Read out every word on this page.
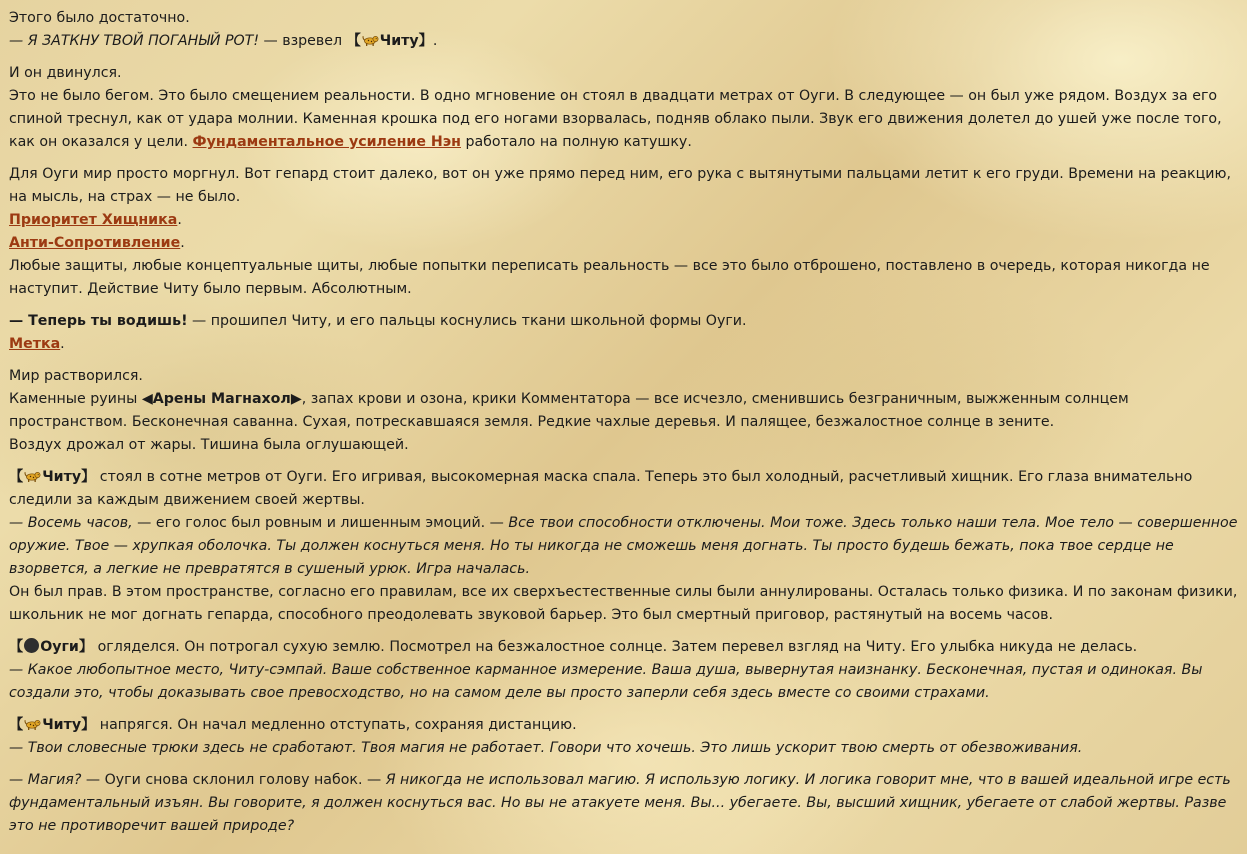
Этого было достаточно.

— Я ЗАТКНУ ТВОЙ ПОГАНЫЙ РОТ! — взревел 【 Читу】.

И он двинулся.

Это не было бегом. Это было смещением реальности. В одно мгновение он стоял в двадцати метрах от Оуги. В следующее — он был уже рядом. Воздух за его спиной треснул, как от удара молнии. Каменная крошка под его ногами взорвалась, подняв облако пыли. Звук его движения долетел до ушей уже после того, как он оказался у цели. Фундаментальное усиление Нэн работало на полную катушку.

Для Оуги мир просто моргнул. Вот гепард стоит далеко, вот он уже прямо перед ним, его рука с вытянутыми пальцами летит к его груди. Времени на реакцию, на мысль, на страх — не было.

Приоритет Хищника.

Анти-Сопротивление.

Любые защиты, любые концептуальные щиты, любые попытки переписать реальность — все это было отброшено, поставлено в очередь, которая никогда не наступит. Действие Читу было первым. Абсолютным.

— Теперь ты водишь! — прошипел Читу, и его пальцы коснулись ткани школьной формы Оуги.

Метка.

Мир растворился.

Каменные руины ◀Арены Магнахол▶, запах крови и озона, крики Комментатора — все исчезло, сменившись безграничным, выжженным солнцем пространством. Бесконечная саванна. Сухая, потрескавшаяся земля. Редкие чахлые деревья. И палящее, безжалостное солнце в зените.

Воздух дрожал от жары. Тишина была оглушающей.

【 Читу】 стоял в сотне метров от Оуги. Его игривая, высокомерная маска спала. Теперь это был холодный, расчетливый хищник. Его глаза внимательно следили за каждым движением своей жертвы.

— Восемь часов, — его голос был ровным и лишенным эмоций. — Все твои способности отключены. Мои тоже. Здесь только наши тела. Мое тело — совершенное оружие. Твое — хрупкая оболочка. Ты должен коснуться меня. Но ты никогда не сможешь меня догнать. Ты просто будешь бежать, пока твое сердце не взорвется, а легкие не превратятся в сушеный урюк. Игра началась.

Он был прав. В этом пространстве, согласно его правилам, все их сверхъестественные силы были аннулированы. Осталась только физика. И по законам физики, школьник не мог догнать гепарда, способного преодолевать звуковой барьер. Это был смертный приговор, растянутый на восемь часов.

【 Оуги】 огляделся. Он потрогал сухую землю. Посмотрел на безжалостное солнце. Затем перевел взгляд на Читу. Его улыбка никуда не делась.

— Какое любопытное место, Читу-сэмпай. Ваше собственное карманное измерение. Ваша душа, вывернутая наизнанку. Бесконечная, пустая и одинокая. Вы создали это, чтобы доказывать свое превосходство, но на самом деле вы просто заперли себя здесь вместе со своими страхами.

【 Читу】 напрягся. Он начал медленно отступать, сохраняя дистанцию.

— Твои словесные трюки здесь не сработают. Твоя магия не работает. Говори что хочешь. Это лишь ускорит твою смерть от обезвоживания.

— Магия? — Оуги снова склонил голову набок. — Я никогда не использовал магию. Я использую логику. И логика говорит мне, что в вашей идеальной игре есть фундаментальный изъян. Вы говорите, я должен коснуться вас. Но вы не атакуете меня. Вы... убегаете. Вы, высший хищник, убегаете от слабой жертвы. Разве это не противоречит вашей природе?
